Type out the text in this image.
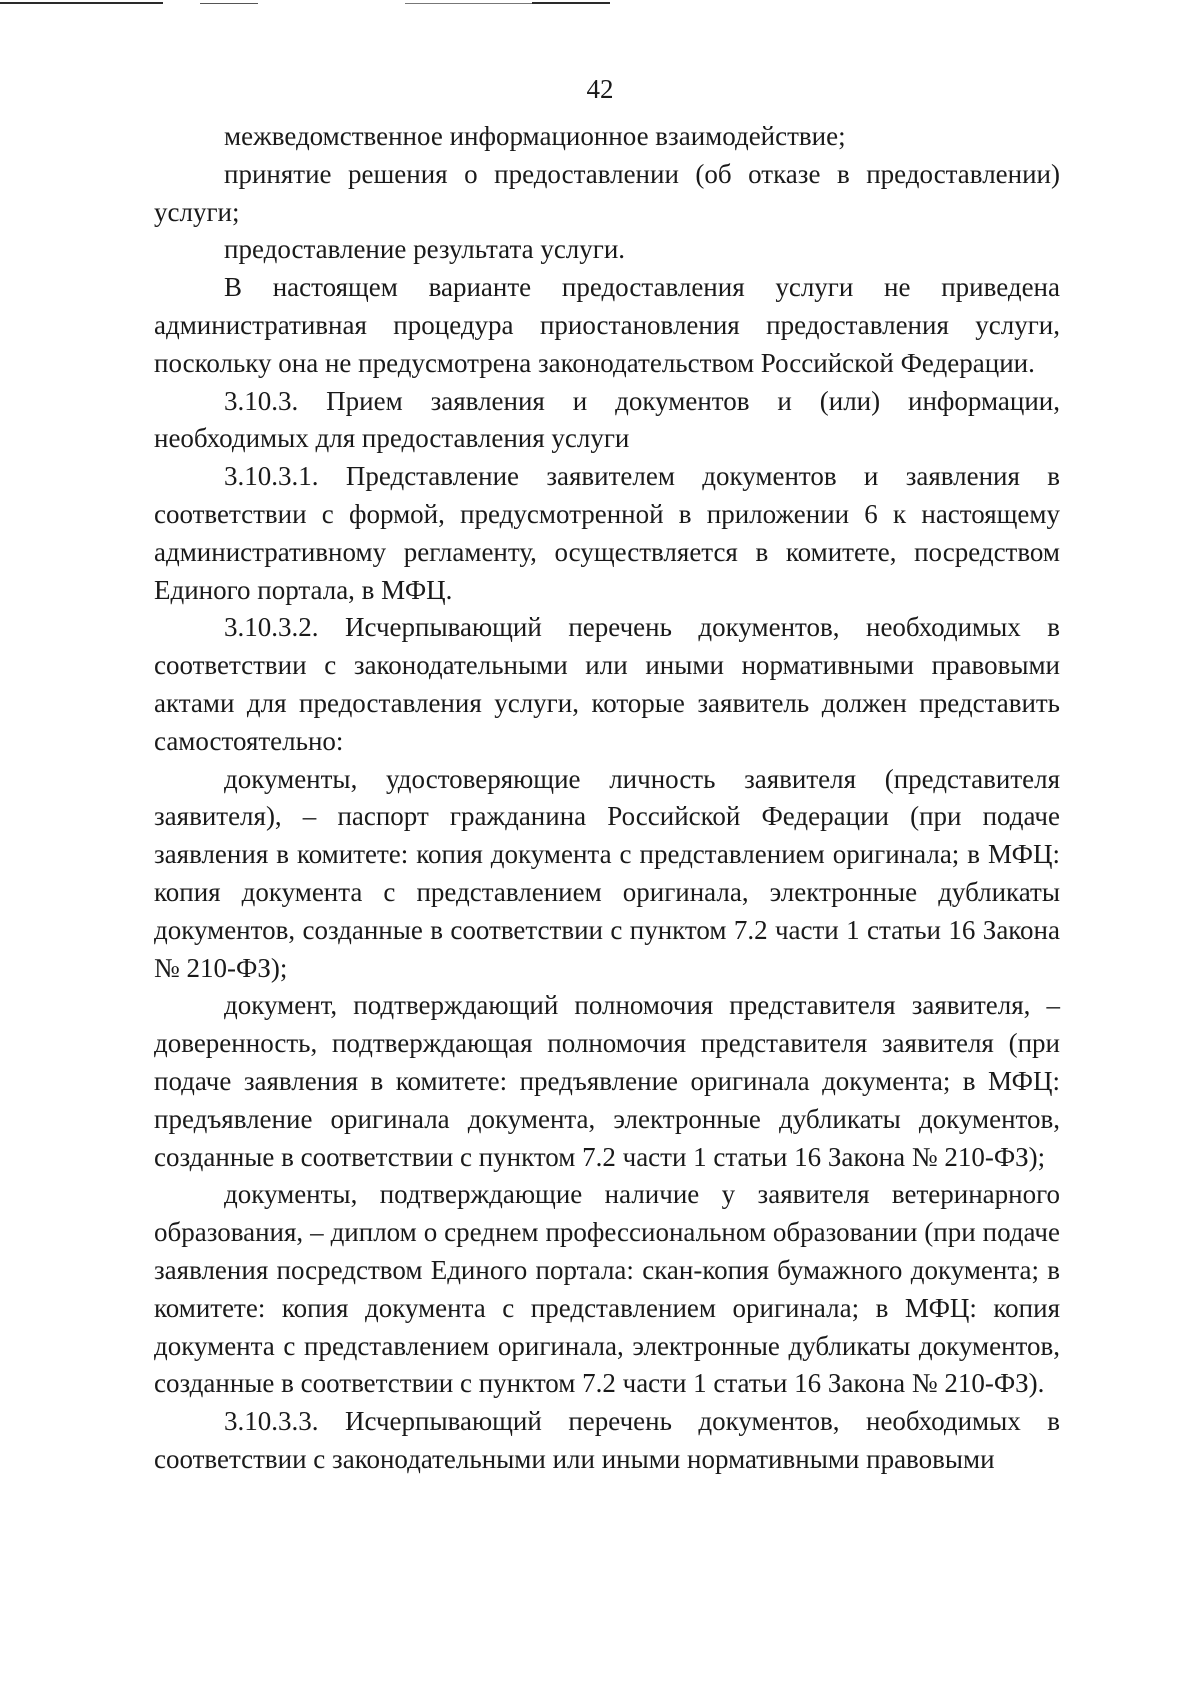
42

межведомственное информационное взаимодействие;

принятие решения о предоставлении (об отказе в предоставлении) услуги;

предоставление результата услуги.

В настоящем варианте предоставления услуги не приведена административная процедура приостановления предоставления услуги, поскольку она не предусмотрена законодательством Российской Федерации.

3.10.3. Прием заявления и документов и (или) информации, необходимых для предоставления услуги

3.10.3.1. Представление заявителем документов и заявления в соответствии с формой, предусмотренной в приложении 6 к настоящему административному регламенту, осуществляется в комитете, посредством Единого портала, в МФЦ.

3.10.3.2. Исчерпывающий перечень документов, необходимых в соответствии с законодательными или иными нормативными правовыми актами для предоставления услуги, которые заявитель должен представить самостоятельно:

документы, удостоверяющие личность заявителя (представителя заявителя), – паспорт гражданина Российской Федерации (при подаче заявления в комитете: копия документа с представлением оригинала; в МФЦ: копия документа с представлением оригинала, электронные дубликаты документов, созданные в соответствии с пунктом 7.2 части 1 статьи 16 Закона № 210-ФЗ);

документ, подтверждающий полномочия представителя заявителя, – доверенность, подтверждающая полномочия представителя заявителя (при подаче заявления в комитете: предъявление оригинала документа; в МФЦ: предъявление оригинала документа, электронные дубликаты документов, созданные в соответствии с пунктом 7.2 части 1 статьи 16 Закона № 210-ФЗ);

документы, подтверждающие наличие у заявителя ветеринарного образования, – диплом о среднем профессиональном образовании (при подаче заявления посредством Единого портала: скан-копия бумажного документа; в комитете: копия документа с представлением оригинала; в МФЦ: копия документа с представлением оригинала, электронные дубликаты документов, созданные в соответствии с пунктом 7.2 части 1 статьи 16 Закона № 210-ФЗ).

3.10.3.3. Исчерпывающий перечень документов, необходимых в соответствии с законодательными или иными нормативными правовыми
